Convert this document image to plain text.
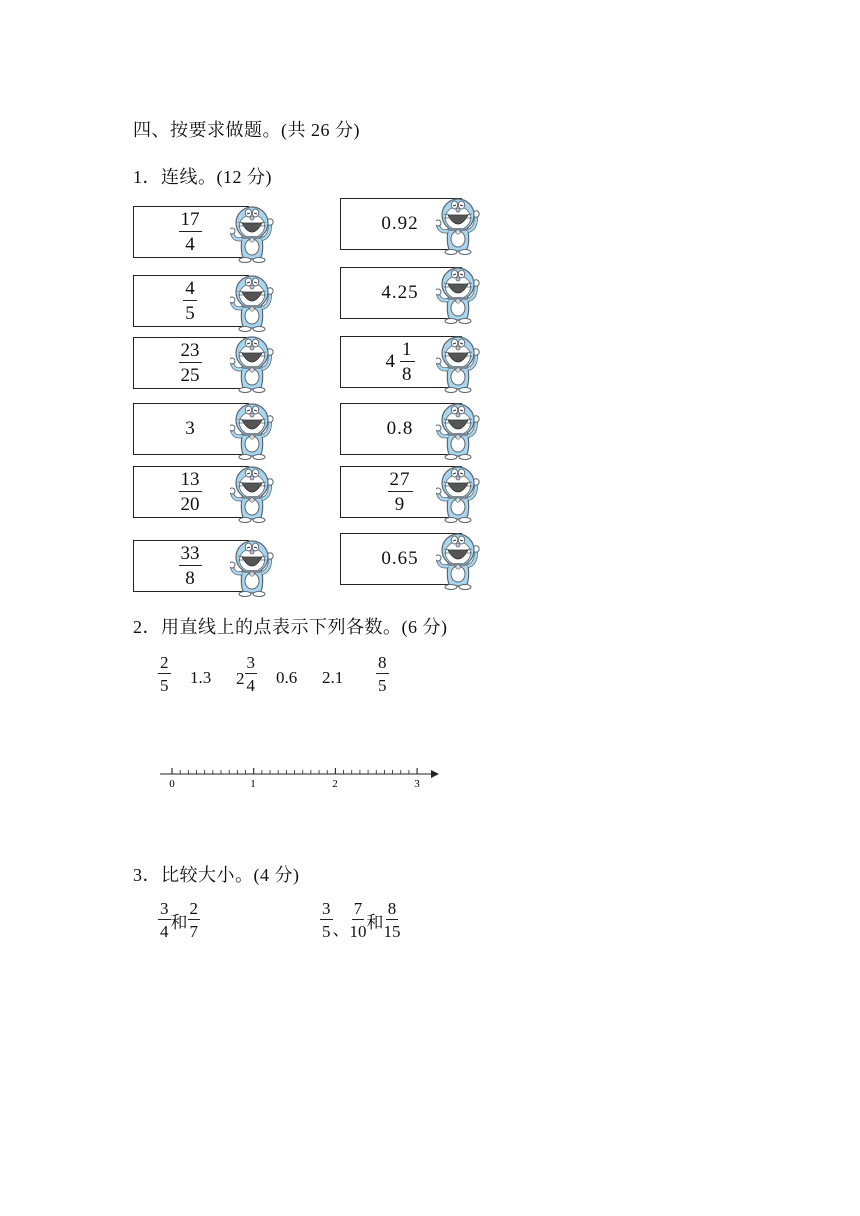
四、按要求做题。(共 26 分)
1．连线。(12 分)
$\frac{17}{4}$
$\frac{4}{5}$
$\frac{23}{25}$
3
$\frac{13}{20}$
$\frac{33}{8}$
0.92
4.25
$4 \frac{1}{8}$
0.8
$\frac{27}{9}$
0.65
2．用直线上的点表示下列各数。(6 分)
$\frac{2}{5} 1.3$ $2 \frac{3}{4} 0.6$ $2.1 \frac{8}{5}$
0	1	2	3
3．比较大小。(4 分)
$\frac{3}{4}$ 和 $\frac{2}{7}$	$\frac{3}{5}$ 、 $\frac{7}{10}$ 和 $\frac{8}{15}$
